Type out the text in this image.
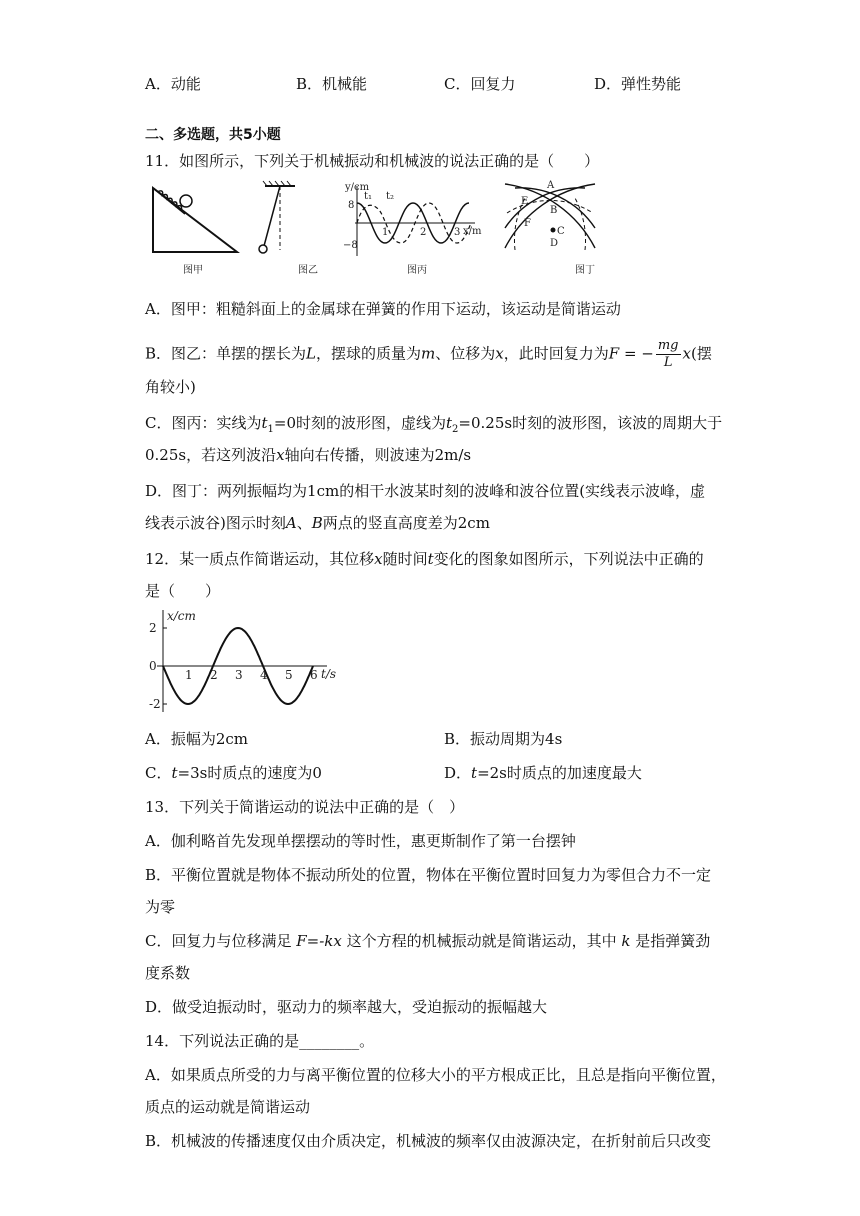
A．动能	B．机械能	C．回复力	D．弹性势能
二、多选题，共5小题
11．如图所示，下列关于机械振动和机械波的说法正确的是（　　）
图甲	图乙
y/cm
x/m
8
−8
1	2	3
t₁ t₂
图丙
A
E
B
F
C
D
图丁
A．图甲：粗糙斜面上的金属球在弹簧的作用下运动，该运动是简谐运动
B．图乙：单摆的摆长为L，摆球的质量为m、位移为x，此时回复力为F = − $\frac{mg}{L} x$(摆
角较小)
C．图丙：实线为$t_1=0$时刻的波形图，虚线为$t_2=0.25s$时刻的波形图，该波的周期大于
0.25s，若这列波沿x轴向右传播，则波速为2m/s
D．图丁：两列振幅均为1cm的相干水波某时刻的波峰和波谷位置(实线表示波峰，虚
线表示波谷)图示时刻A、B两点的竖直高度差为2cm
12．某一质点作简谐运动，其位移x随时间t变化的图象如图所示，下列说法中正确的
是（　　）
x/cm
t/s
2
0
-2
1 2 3 4 5 6
A．振幅为2cm	B．振动周期为4s
C．t=3s时质点的速度为0	D．t=2s时质点的加速度最大
13．下列关于简谐运动的说法中正确的是（　）
A．伽利略首先发现单摆摆动的等时性，惠更斯制作了第一台摆钟
B．平衡位置就是物体不振动所处的位置，物体在平衡位置时回复力为零但合力不一定
为零
C．回复力与位移满足 F=-kx 这个方程的机械振动就是简谐运动，其中 k 是指弹簧劲
度系数
D．做受迫振动时，驱动力的频率越大，受迫振动的振幅越大
14．下列说法正确的是________。
A．如果质点所受的力与离平衡位置的位移大小的平方根成正比，且总是指向平衡位置，
质点的运动就是简谐运动
B．机械波的传播速度仅由介质决定，机械波的频率仅由波源决定，在折射前后只改变
